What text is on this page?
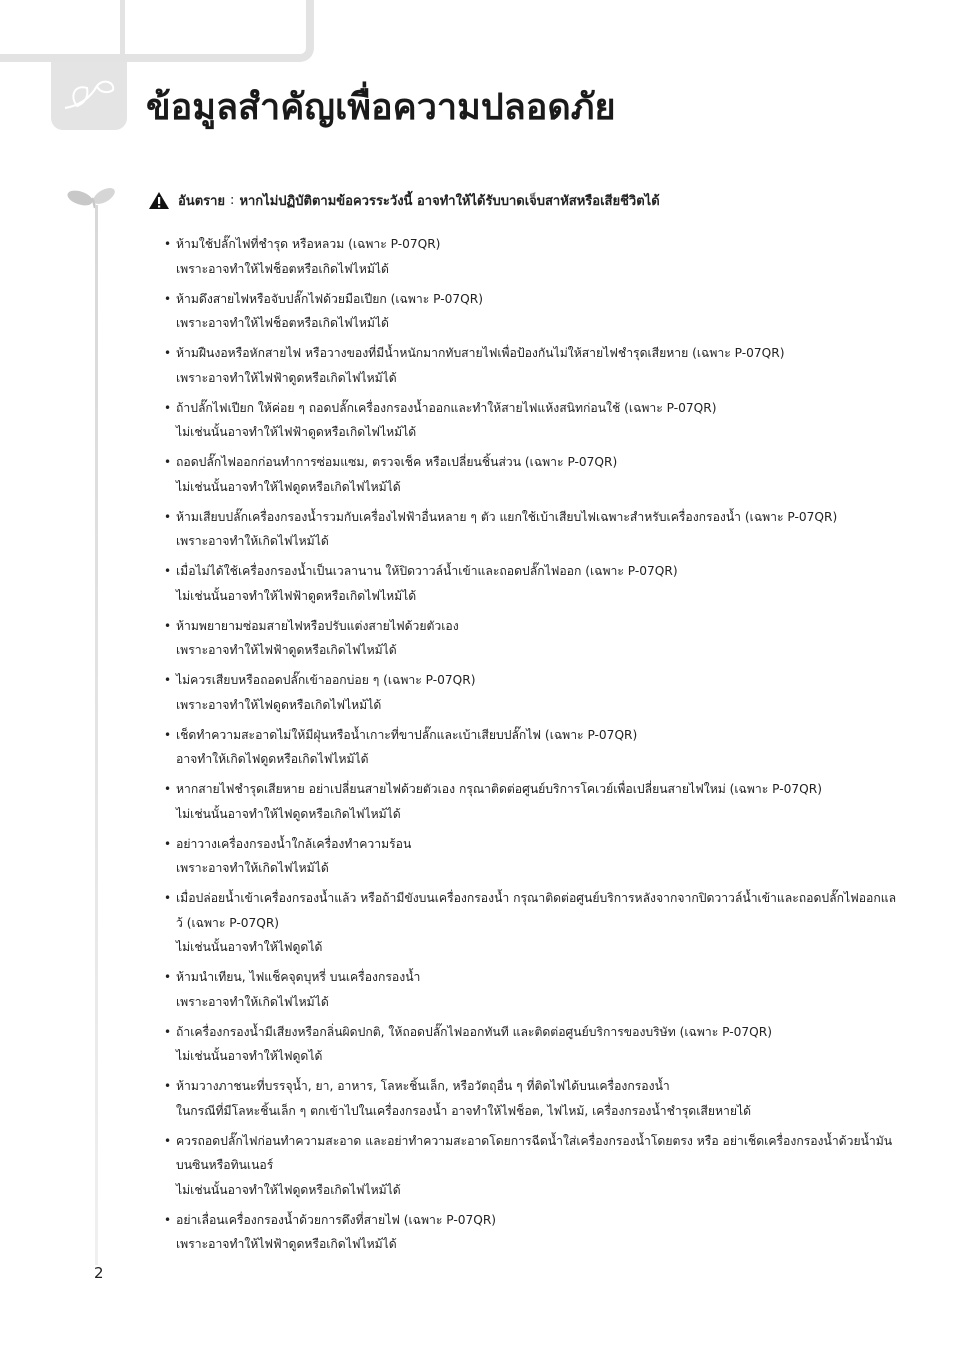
ข้อมูลสำคัญเพื่อความปลอดภัย
อันตราย : หากไม่ปฏิบัติตามข้อควรระวังนี้ อาจทำให้ได้รับบาดเจ็บสาหัสหรือเสียชีวิตได้
• ห้ามใช้ปลั๊กไฟที่ชำรุด หรือหลวม (เฉพาะ P-07QR)
เพราะอาจทำให้ไฟช็อตหรือเกิดไฟไหม้ได้
• ห้ามดึงสายไฟหรือจับปลั๊กไฟด้วยมือเปียก (เฉพาะ P-07QR)
เพราะอาจทำให้ไฟช็อตหรือเกิดไฟไหม้ได้
• ห้ามฝืนงอหรือหักสายไฟ หรือวางของที่มีน้ำหนักมากทับสายไฟเพื่อป้องกันไม่ให้สายไฟชำรุดเสียหาย (เฉพาะ P-07QR)
เพราะอาจทำให้ไฟฟ้าดูดหรือเกิดไฟไหม้ได้
• ถ้าปลั๊กไฟเปียก ให้ค่อย ๆ ถอดปลั๊กเครื่องกรองน้ำออกและทำให้สายไฟแห้งสนิทก่อนใช้ (เฉพาะ P-07QR)
ไม่เช่นนั้นอาจทำให้ไฟฟ้าดูดหรือเกิดไฟไหม้ได้
• ถอดปลั๊กไฟออกก่อนทำการซ่อมแซม, ตรวจเช็ค หรือเปลี่ยนชิ้นส่วน (เฉพาะ P-07QR)
ไม่เช่นนั้นอาจทำให้ไฟดูดหรือเกิดไฟไหม้ได้
• ห้ามเสียบปลั๊กเครื่องกรองน้ำรวมกับเครื่องไฟฟ้าอื่นหลาย ๆ ตัว แยกใช้เบ้าเสียบไฟเฉพาะสำหรับเครื่องกรองน้ำ (เฉพาะ P-07QR)
เพราะอาจทำให้เกิดไฟไหม้ได้
• เมื่อไม่ได้ใช้เครื่องกรองน้ำเป็นเวลานาน ให้ปิดวาวล์น้ำเข้าและถอดปลั๊กไฟออก (เฉพาะ P-07QR)
ไม่เช่นนั้นอาจทำให้ไฟฟ้าดูดหรือเกิดไฟไหม้ได้
• ห้ามพยายามซ่อมสายไฟหรือปรับแต่งสายไฟด้วยตัวเอง
เพราะอาจทำให้ไฟฟ้าดูดหรือเกิดไฟไหม้ได้
• ไม่ควรเสียบหรือถอดปลั๊กเข้าออกบ่อย ๆ (เฉพาะ P-07QR)
เพราะอาจทำให้ไฟดูดหรือเกิดไฟไหม้ได้
• เช็ดทำความสะอาดไม่ให้มีฝุ่นหรือน้ำเกาะที่ขาปลั๊กและเบ้าเสียบปลั๊กไฟ (เฉพาะ P-07QR)
อาจทำให้เกิดไฟดูดหรือเกิดไฟไหม้ได้
• หากสายไฟชำรุดเสียหาย อย่าเปลี่ยนสายไฟด้วยตัวเอง กรุณาติดต่อศูนย์บริการโคเวย์เพื่อเปลี่ยนสายไฟใหม่ (เฉพาะ P-07QR)
ไม่เช่นนั้นอาจทำให้ไฟดูดหรือเกิดไฟไหม้ได้
• อย่าวางเครื่องกรองน้ำใกล้เครื่องทำความร้อน
เพราะอาจทำให้เกิดไฟไหม้ได้
• เมื่อปล่อยน้ำเข้าเครื่องกรองน้ำแล้ว หรือถ้ามีขังบนเครื่องกรองน้ำ กรุณาติดต่อศูนย์บริการหลังจากจากปิดวาวล์น้ำเข้าและถอดปลั๊กไฟออกแล
ว้ (เฉพาะ P-07QR)
ไม่เช่นนั้นอาจทำให้ไฟดูดได้
• ห้ามนำเทียน, ไฟแช็คจุดบุหรี่ บนเครื่องกรองน้ำ
เพราะอาจทำให้เกิดไฟไหม้ได้
• ถ้าเครื่องกรองน้ำมีเสียงหรือกลิ่นผิดปกติ, ให้ถอดปลั๊กไฟออกทันที และติดต่อศูนย์บริการของบริษัท (เฉพาะ P-07QR)
ไม่เช่นนั้นอาจทำให้ไฟดูดได้
• ห้ามวางภาชนะที่บรรจุน้ำ, ยา, อาหาร, โลหะชิ้นเล็ก, หรือวัตถุอื่น ๆ ที่ติดไฟได้บนเครื่องกรองน้ำ
ในกรณีที่มีโลหะชิ้นเล็ก ๆ ตกเข้าไปในเครื่องกรองน้ำ อาจทำให้ไฟช็อต, ไฟไหม้, เครื่องกรองน้ำชำรุดเสียหายได้
• ควรถอดปลั๊กไฟก่อนทำความสะอาด และอย่าทำความสะอาดโดยการฉีดน้ำใส่เครื่องกรองน้ำโดยตรง หรือ อย่าเช็ดเครื่องกรองน้ำด้วยน้ำมัน
บนซินหรือทินเนอร์
ไม่เช่นนั้นอาจทำให้ไฟดูดหรือเกิดไฟไหม้ได้
• อย่าเลื่อนเครื่องกรองน้ำด้วยการดึงที่สายไฟ (เฉพาะ P-07QR)
เพราะอาจทำให้ไฟฟ้าดูดหรือเกิดไฟไหม้ได้
2
